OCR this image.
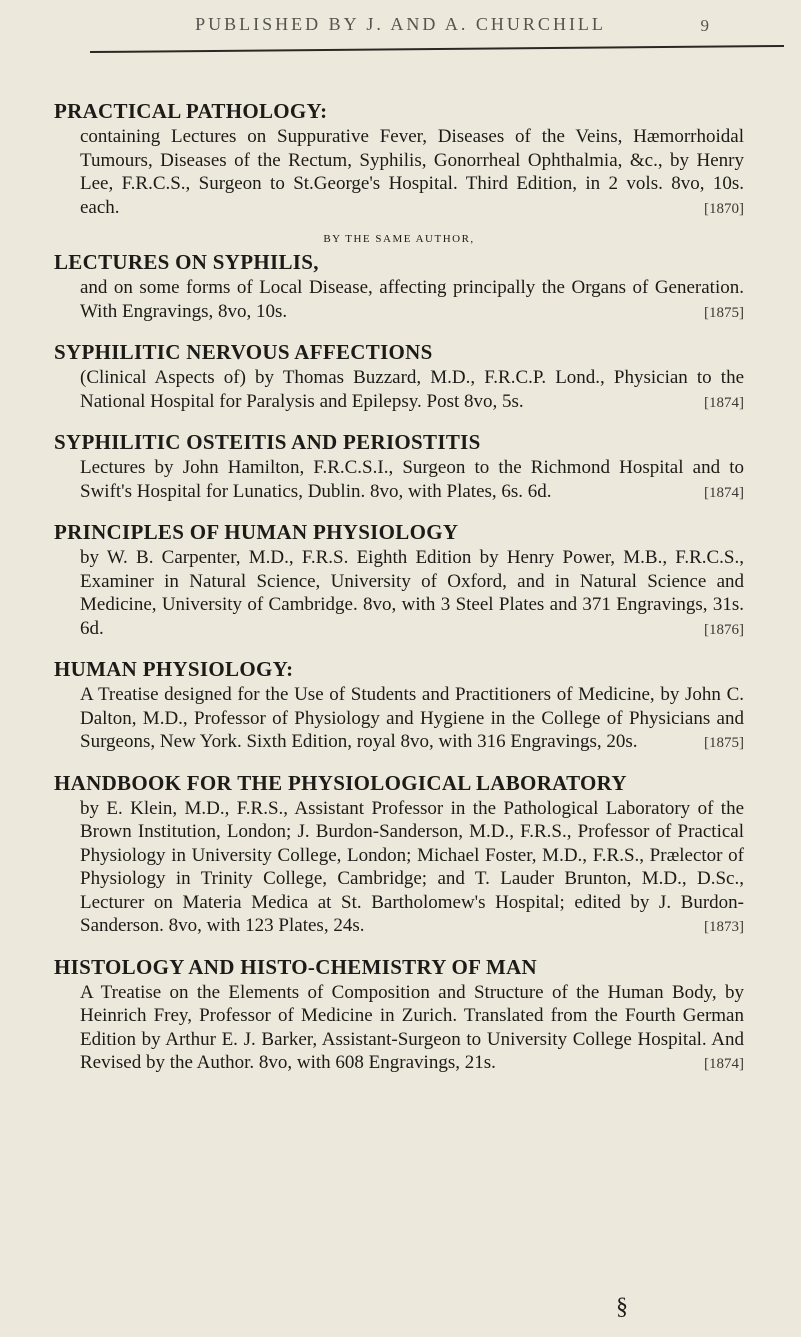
PUBLISHED BY J. AND A. CHURCHILL	9
PRACTICAL PATHOLOGY:
containing Lectures on Suppurative Fever, Diseases of the Veins, Hæmorrhoidal Tumours, Diseases of the Rectum, Syphilis, Gonorrheal Ophthalmia, &c., by Henry Lee, F.R.C.S., Surgeon to St.George's Hospital. Third Edition, in 2 vols. 8vo, 10s. each.	[1870]
BY THE SAME AUTHOR,
LECTURES ON SYPHILIS,
and on some forms of Local Disease, affecting principally the Organs of Generation. With Engravings, 8vo, 10s.	[1875]
SYPHILITIC NERVOUS AFFECTIONS
(Clinical Aspects of) by Thomas Buzzard, M.D., F.R.C.P. Lond., Physician to the National Hospital for Paralysis and Epilepsy. Post 8vo, 5s.	[1874]
SYPHILITIC OSTEITIS AND PERIOSTITIS
Lectures by John Hamilton, F.R.C.S.I., Surgeon to the Richmond Hospital and to Swift's Hospital for Lunatics, Dublin. 8vo, with Plates, 6s. 6d.	[1874]
PRINCIPLES OF HUMAN PHYSIOLOGY
by W. B. Carpenter, M.D., F.R.S. Eighth Edition by Henry Power, M.B., F.R.C.S., Examiner in Natural Science, University of Oxford, and in Natural Science and Medicine, University of Cambridge. 8vo, with 3 Steel Plates and 371 Engravings, 31s. 6d.	[1876]
HUMAN PHYSIOLOGY:
A Treatise designed for the Use of Students and Practitioners of Medicine, by John C. Dalton, M.D., Professor of Physiology and Hygiene in the College of Physicians and Surgeons, New York. Sixth Edition, royal 8vo, with 316 Engravings, 20s.	[1875]
HANDBOOK FOR THE PHYSIOLOGICAL LABORATORY
by E. Klein, M.D., F.R.S., Assistant Professor in the Pathological Laboratory of the Brown Institution, London; J. Burdon-Sanderson, M.D., F.R.S., Professor of Practical Physiology in University College, London; Michael Foster, M.D., F.R.S., Prælector of Physiology in Trinity College, Cambridge; and T. Lauder Brunton, M.D., D.Sc., Lecturer on Materia Medica at St. Bartholomew's Hospital; edited by J. Burdon-Sanderson. 8vo, with 123 Plates, 24s.	[1873]
HISTOLOGY AND HISTO-CHEMISTRY OF MAN
A Treatise on the Elements of Composition and Structure of the Human Body, by Heinrich Frey, Professor of Medicine in Zurich. Translated from the Fourth German Edition by Arthur E. J. Barker, Assistant-Surgeon to University College Hospital. And Revised by the Author. 8vo, with 608 Engravings, 21s.	[1874]
§
